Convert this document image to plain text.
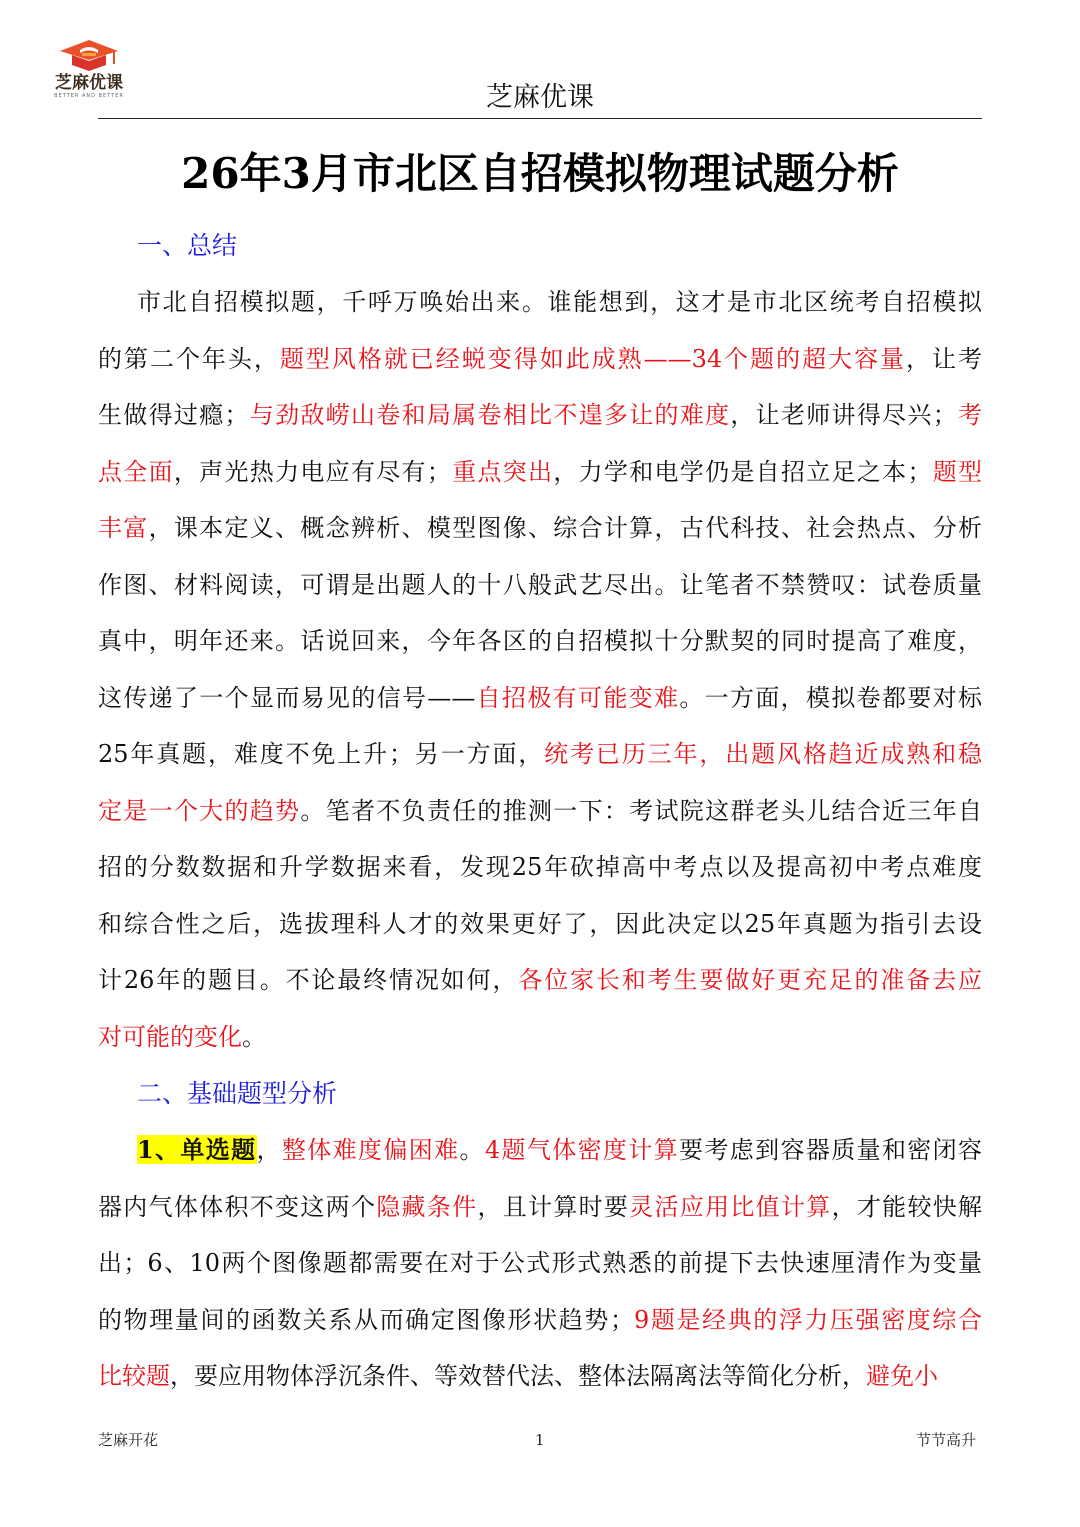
芝麻优课
BETTER AND BETTER	芝麻优课
26年3月市北区自招模拟物理试题分析
一、总结
市北自招模拟题，千呼万唤始出来。谁能想到，这才是市北区统考自招模拟
的第二个年头，题型风格就已经蜕变得如此成熟——34个题的超大容量，让考
生做得过瘾；与劲敌崂山卷和局属卷相比不遑多让的难度，让老师讲得尽兴；考
点全面，声光热力电应有尽有；重点突出，力学和电学仍是自招立足之本；题型
丰富，课本定义、概念辨析、模型图像、综合计算，古代科技、社会热点、分析
作图、材料阅读，可谓是出题人的十八般武艺尽出。让笔者不禁赞叹：试卷质量
真中，明年还来。话说回来，今年各区的自招模拟十分默契的同时提高了难度，
这传递了一个显而易见的信号——自招极有可能变难。一方面，模拟卷都要对标
25年真题，难度不免上升；另一方面，统考已历三年，出题风格趋近成熟和稳
定是一个大的趋势。笔者不负责任的推测一下：考试院这群老头儿结合近三年自
招的分数数据和升学数据来看，发现25年砍掉高中考点以及提高初中考点难度
和综合性之后，选拔理科人才的效果更好了，因此决定以25年真题为指引去设
计26年的题目。不论最终情况如何，各位家长和考生要做好更充足的准备去应
对可能的变化。
二、基础题型分析
1、单选题，整体难度偏困难。4题气体密度计算要考虑到容器质量和密闭容
器内气体体积不变这两个隐藏条件，且计算时要灵活应用比值计算，才能较快解
出；6、10两个图像题都需要在对于公式形式熟悉的前提下去快速厘清作为变量
的物理量间的函数关系从而确定图像形状趋势；9题是经典的浮力压强密度综合
比较题，要应用物体浮沉条件、等效替代法、整体法隔离法等简化分析，避免小
芝麻开花	1	节节高升
